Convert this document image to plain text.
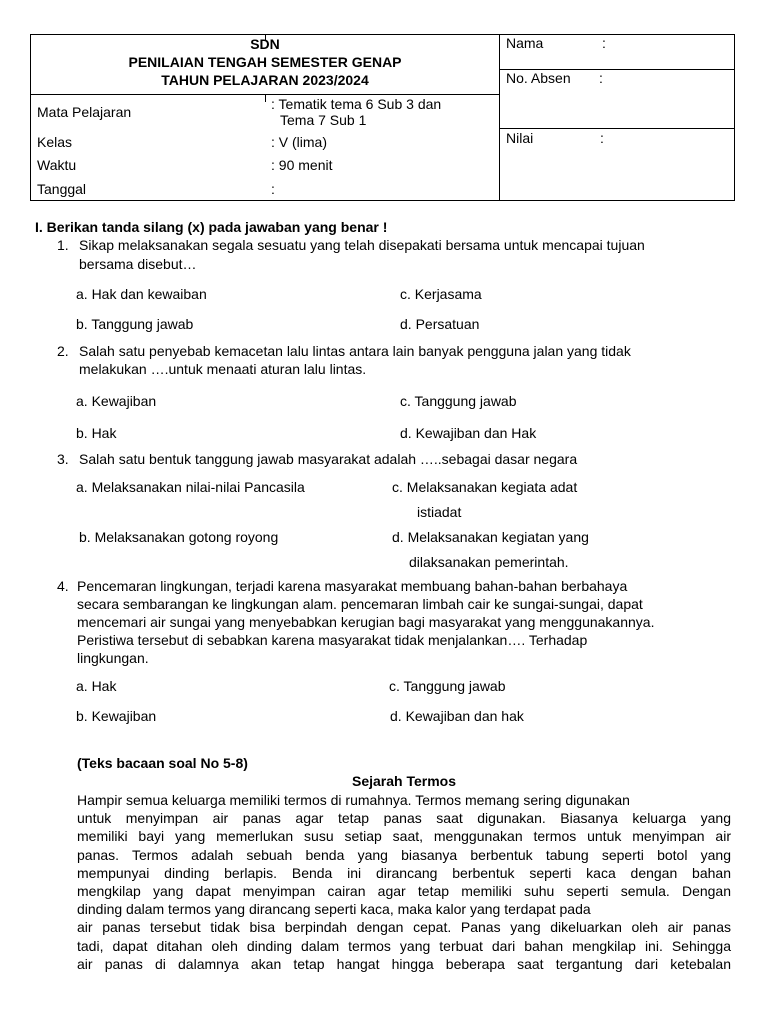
SDN
PENILAIAN TENGAH SEMESTER GENAP
TAHUN PELAJARAN 2023/2024
Mata Pelajaran	: Tematik tema 6 Sub 3 dan
Tema 7 Sub 1
Kelas	: V (lima)
Waktu	: 90 menit
Tanggal	:
Nama	:
No. Absen :
Nilai	:
I. Berikan tanda silang (x) pada jawaban yang benar !
1. Sikap melaksanakan segala sesuatu yang telah disepakati bersama untuk mencapai tujuan
bersama disebut…
a. Hak dan kewaiban	c. Kerjasama
b. Tanggung jawab	d. Persatuan
2. Salah satu penyebab kemacetan lalu lintas antara lain banyak pengguna jalan yang tidak
melakukan ….untuk menaati aturan lalu lintas.
a. Kewajiban	c. Tanggung jawab
b. Hak	d. Kewajiban dan Hak
3. Salah satu bentuk tanggung jawab masyarakat adalah …..sebagai dasar negara
a. Melaksanakan nilai-nilai Pancasila	c. Melaksanakan kegiata adat
istiadat
b. Melaksanakan gotong royong	d. Melaksanakan kegiatan yang
dilaksanakan pemerintah.
4. Pencemaran lingkungan, terjadi karena masyarakat membuang bahan-bahan berbahaya
secara sembarangan ke lingkungan alam. pencemaran limbah cair ke sungai-sungai, dapat
mencemari air sungai yang menyebabkan kerugian bagi masyarakat yang menggunakannya.
Peristiwa tersebut di sebabkan karena masyarakat tidak menjalankan…. Terhadap
lingkungan.
a. Hak	c. Tanggung jawab
b. Kewajiban	d. Kewajiban dan hak
(Teks bacaan soal No 5-8)
Sejarah Termos
Hampir semua keluarga memiliki termos di rumahnya. Termos memang sering digunakan
untuk menyimpan air panas agar tetap panas saat digunakan. Biasanya keluarga yang
memiliki bayi yang memerlukan susu setiap saat, menggunakan termos untuk menyimpan air
panas. Termos adalah sebuah benda yang biasanya berbentuk tabung seperti botol yang
mempunyai dinding berlapis. Benda ini dirancang berbentuk seperti kaca dengan bahan
mengkilap yang dapat menyimpan cairan agar tetap memiliki suhu seperti semula. Dengan
dinding dalam termos yang dirancang seperti kaca, maka kalor yang terdapat pada
air panas tersebut tidak bisa berpindah dengan cepat. Panas yang dikeluarkan oleh air panas
tadi, dapat ditahan oleh dinding dalam termos yang terbuat dari bahan mengkilap ini. Sehingga
air panas di dalamnya akan tetap hangat hingga beberapa saat tergantung dari ketebalan
